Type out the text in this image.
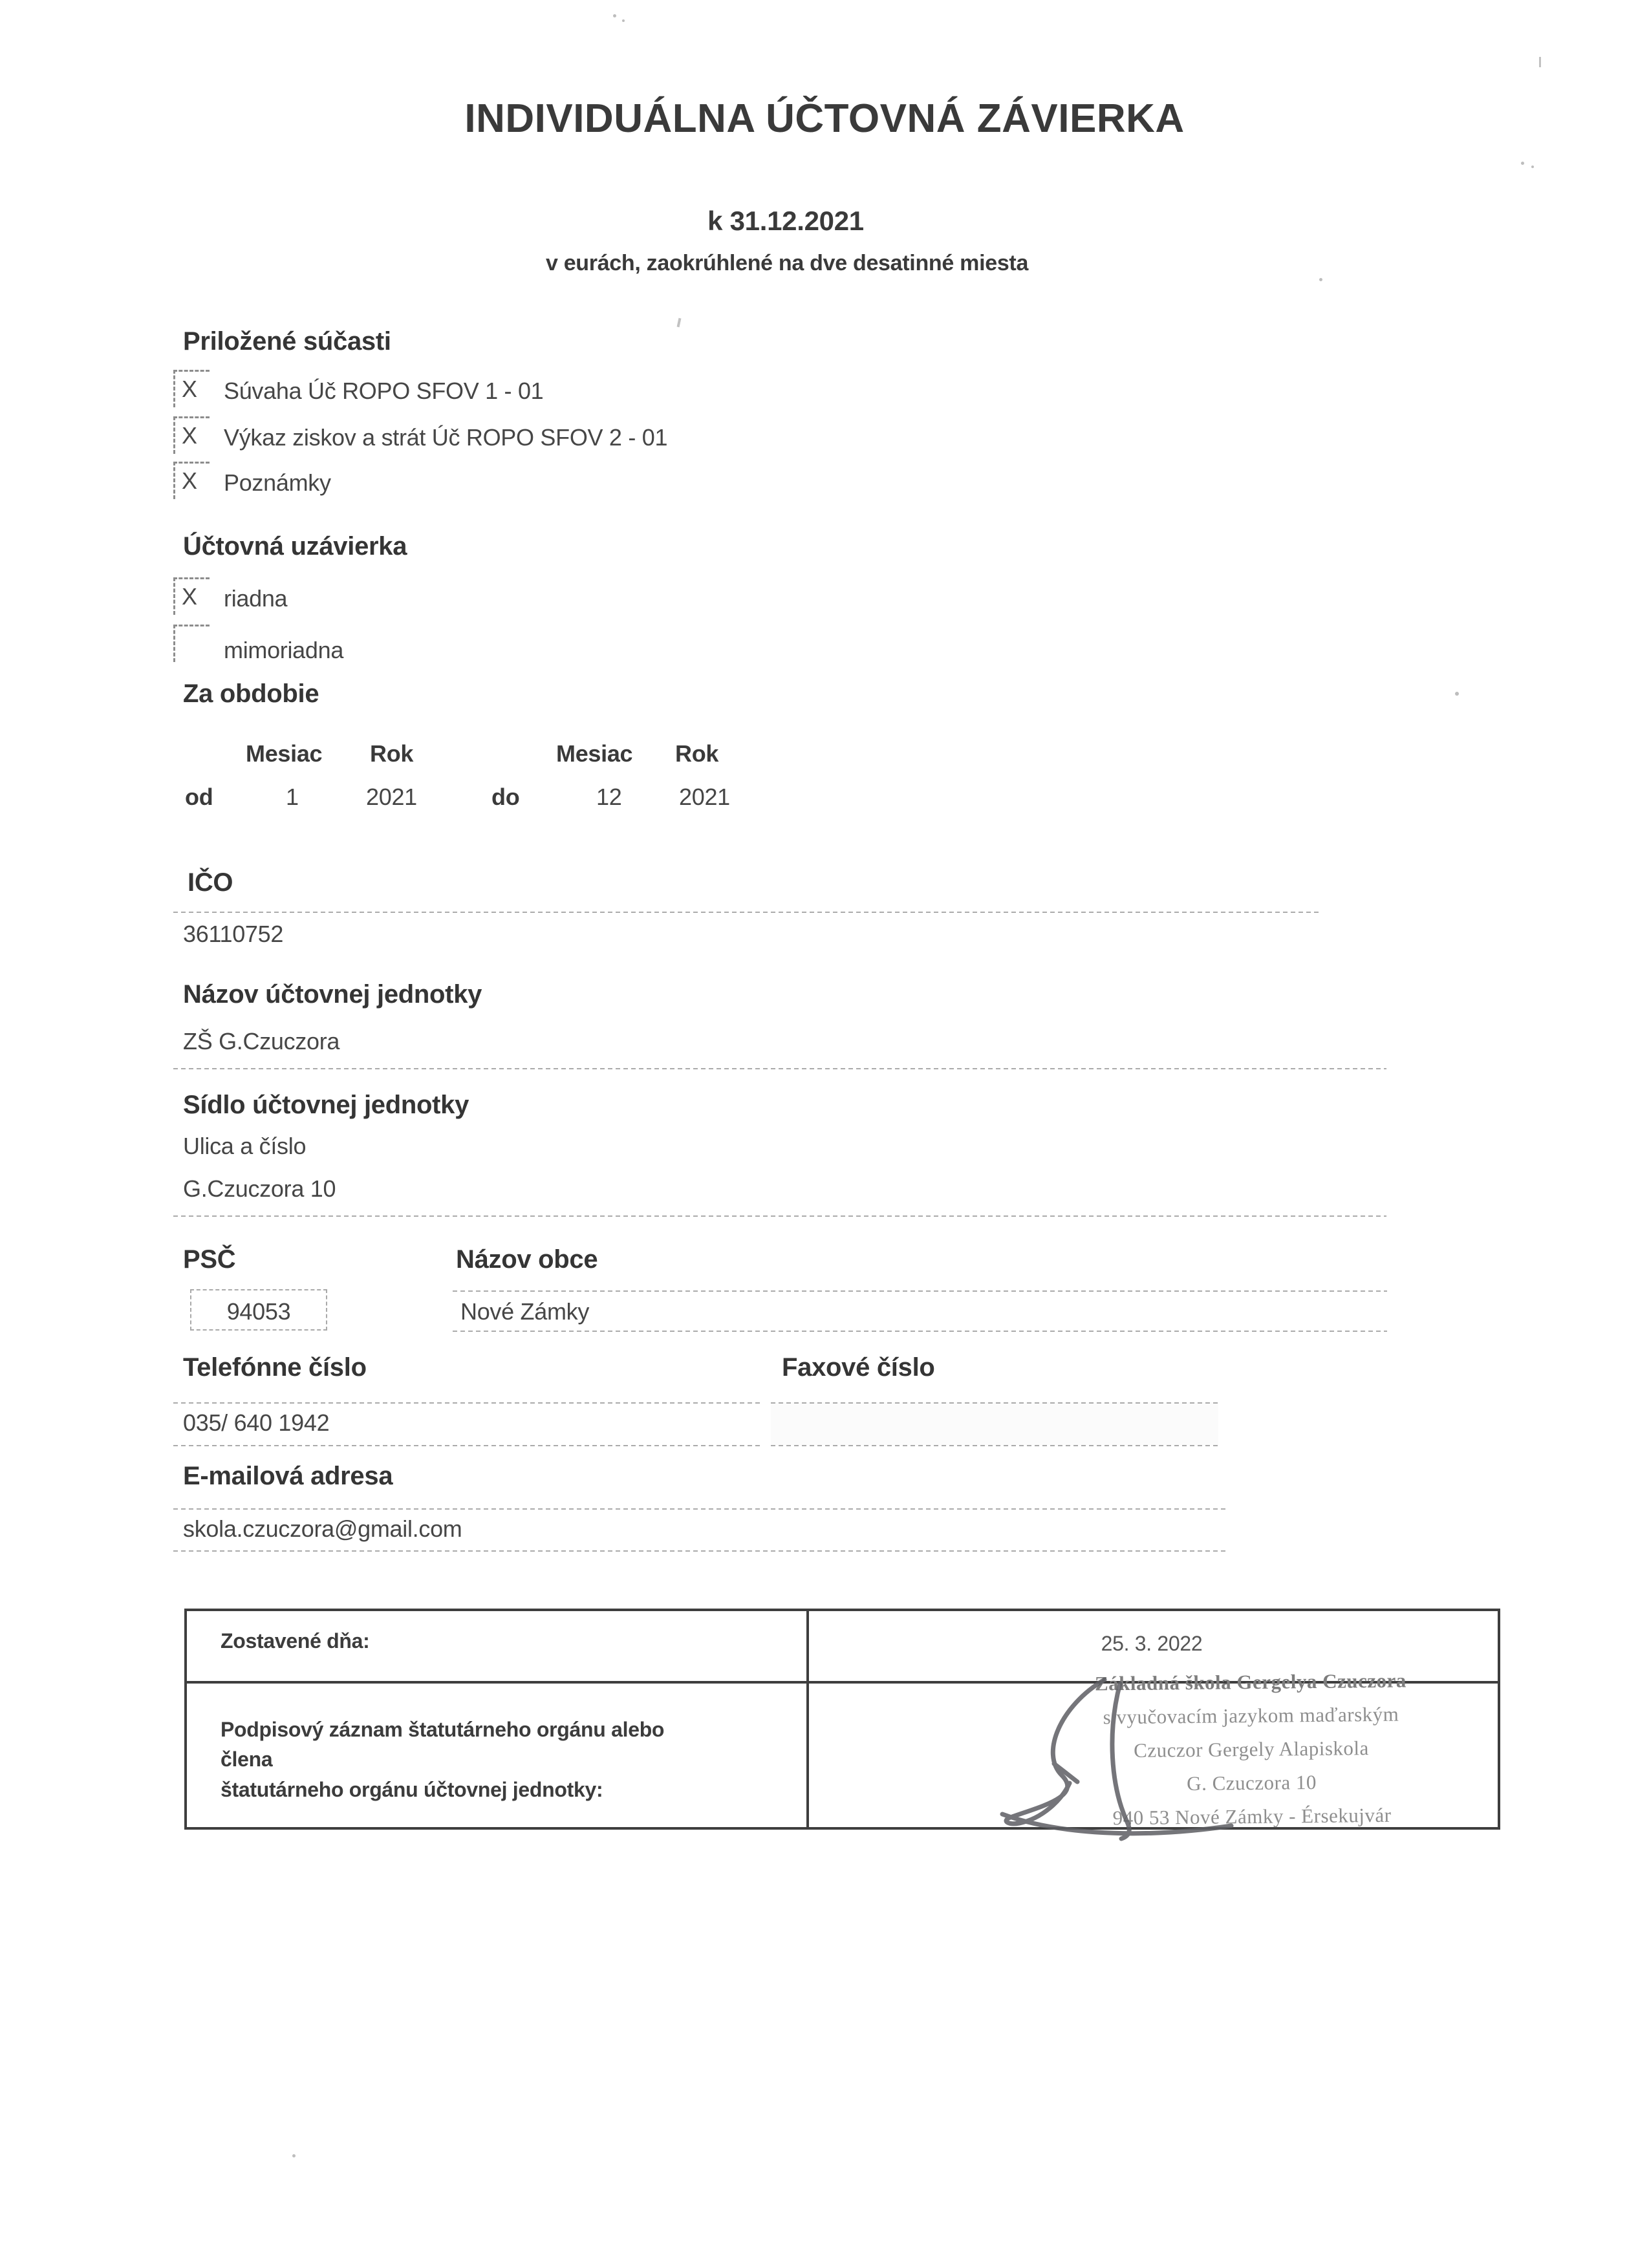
INDIVIDUÁLNA ÚČTOVNÁ ZÁVIERKA
k 31.12.2021
v eurách, zaokrúhlené na dve desatinné miesta
Priložené súčasti
X	Súvaha Úč ROPO SFOV 1 - 01
X	Výkaz ziskov a strát Úč ROPO SFOV 2 - 01
X	Poznámky
Účtovná uzávierka
X	riadna
mimoriadna
Za obdobie
Mesiac Rok	Mesiac Rok
od	1	2021	do	12 2021
IČO
36110752
Názov účtovnej jednotky
ZŠ G.Czuczora
Sídlo účtovnej jednotky
Ulica a číslo
G.Czuczora 10
PSČ	Názov obce
94053	Nové Zámky
Telefónne číslo	Faxové číslo
035/ 640 1942
E-mailová adresa
skola.czuczora@gmail.com
Zostavené dňa:	25. 3. 2022
Podpisový záznam štatutárneho orgánu alebo člena
štatutárneho orgánu účtovnej jednotky:
Základná škola Gergelya Czuczora
s vyučovacím jazykom maďarským
Czuczor Gergely Alapiskola
G. Czuczora 10
940 53 Nové Zámky - Érsekujvár
